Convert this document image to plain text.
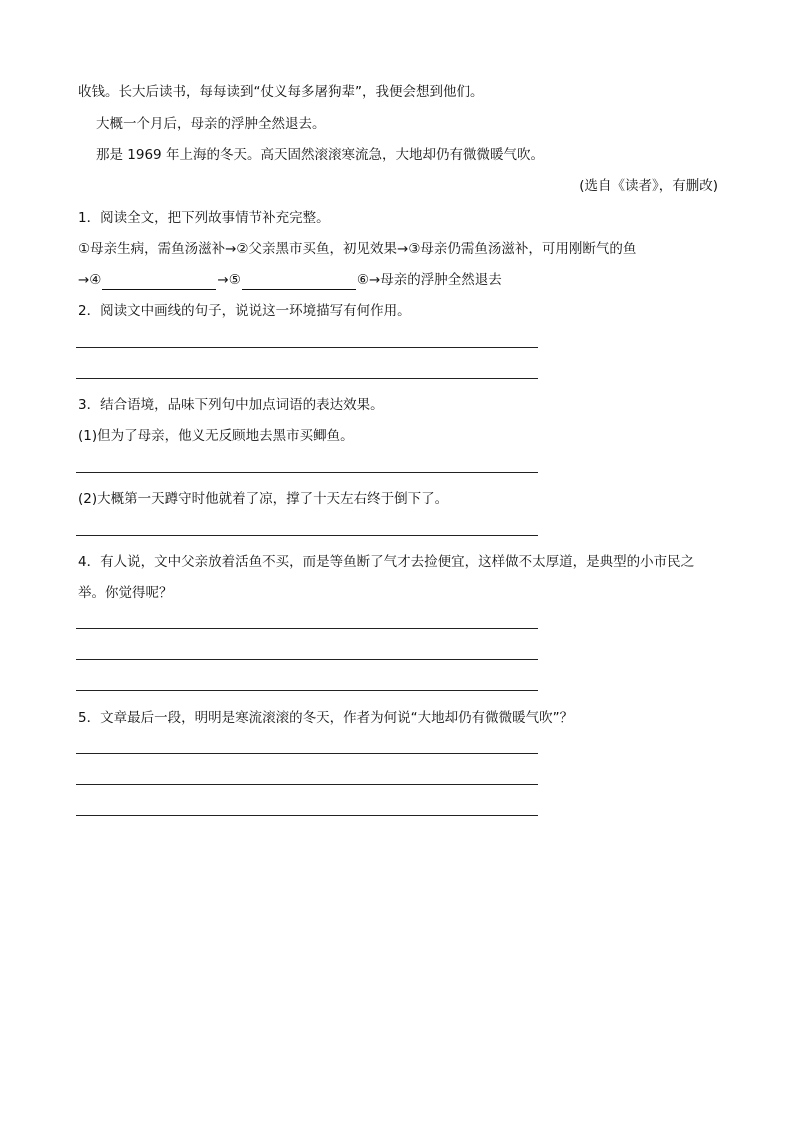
收钱。长大后读书，每每读到“仗义每多屠狗辈”，我便会想到他们。
大概一个月后，母亲的浮肿全然退去。
那是 1969 年上海的冬天。高天固然滚滚寒流急，大地却仍有微微暖气吹。
(选自《读者》，有删改)
1．阅读全文，把下列故事情节补充完整。
①母亲生病，需鱼汤滋补→②父亲黑市买鱼，初见效果→③母亲仍需鱼汤滋补，可用刚断气的鱼
→④	→⑤	⑥→母亲的浮肿全然退去
2．阅读文中画线的句子，说说这一环境描写有何作用。
3．结合语境，品味下列句中加点词语的表达效果。
(1)但为了母亲，他义无反顾地去黑市买鲫鱼。
(2)大概第一天蹲守时他就着了凉，撑了十天左右终于倒下了。
4．有人说，文中父亲放着活鱼不买，而是等鱼断了气才去捡便宜，这样做不太厚道，是典型的小市民之
举。你觉得呢？
5．文章最后一段，明明是寒流滚滚的冬天，作者为何说“大地却仍有微微暖气吹”？
